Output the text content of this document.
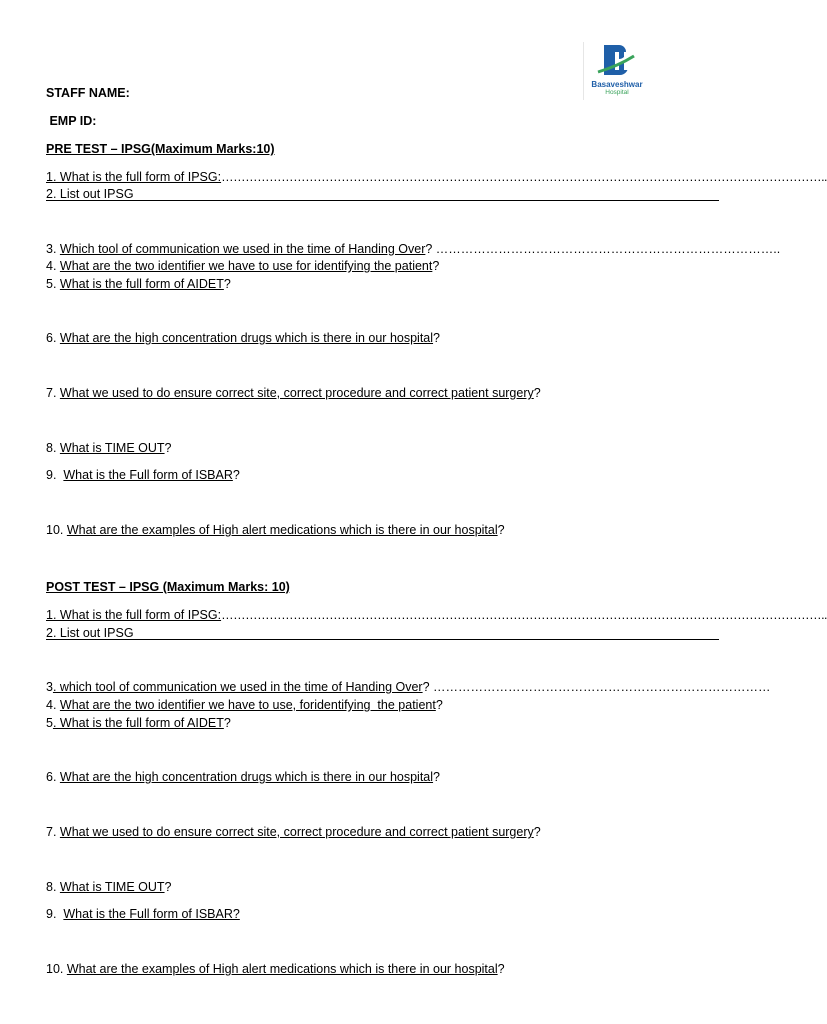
Basaveshwar
Hospital
STAFF NAME:
EMP ID:
PRE TEST – IPSG(Maximum Marks:10)
1. What is the full form of IPSG:……………………………………………………………………………………………………………………………………..
2. List out IPSG
3. Which tool of communication we used in the time of Handing Over? ………………………………………………………………………..
4. What are the two identifier we have to use for identifying the patient?
5. What is the full form of AIDET?
6. What are the high concentration drugs which is there in our hospital?
7. What we used to do ensure correct site, correct procedure and correct patient surgery?
8. What is TIME OUT?
9.  What is the Full form of ISBAR?
10. What are the examples of High alert medications which is there in our hospital?
POST TEST – IPSG (Maximum Marks: 10)
1. What is the full form of IPSG:……………………………………………………………………………………………………………………………………..
2. List out IPSG
3. which tool of communication we used in the time of Handing Over? ………………………………………………………………………
4. What are the two identifier we have to use, foridentifying  the patient?
5. What is the full form of AIDET?
6. What are the high concentration drugs which is there in our hospital?
7. What we used to do ensure correct site, correct procedure and correct patient surgery?
8. What is TIME OUT?
9.  What is the Full form of ISBAR?
10. What are the examples of High alert medications which is there in our hospital?
